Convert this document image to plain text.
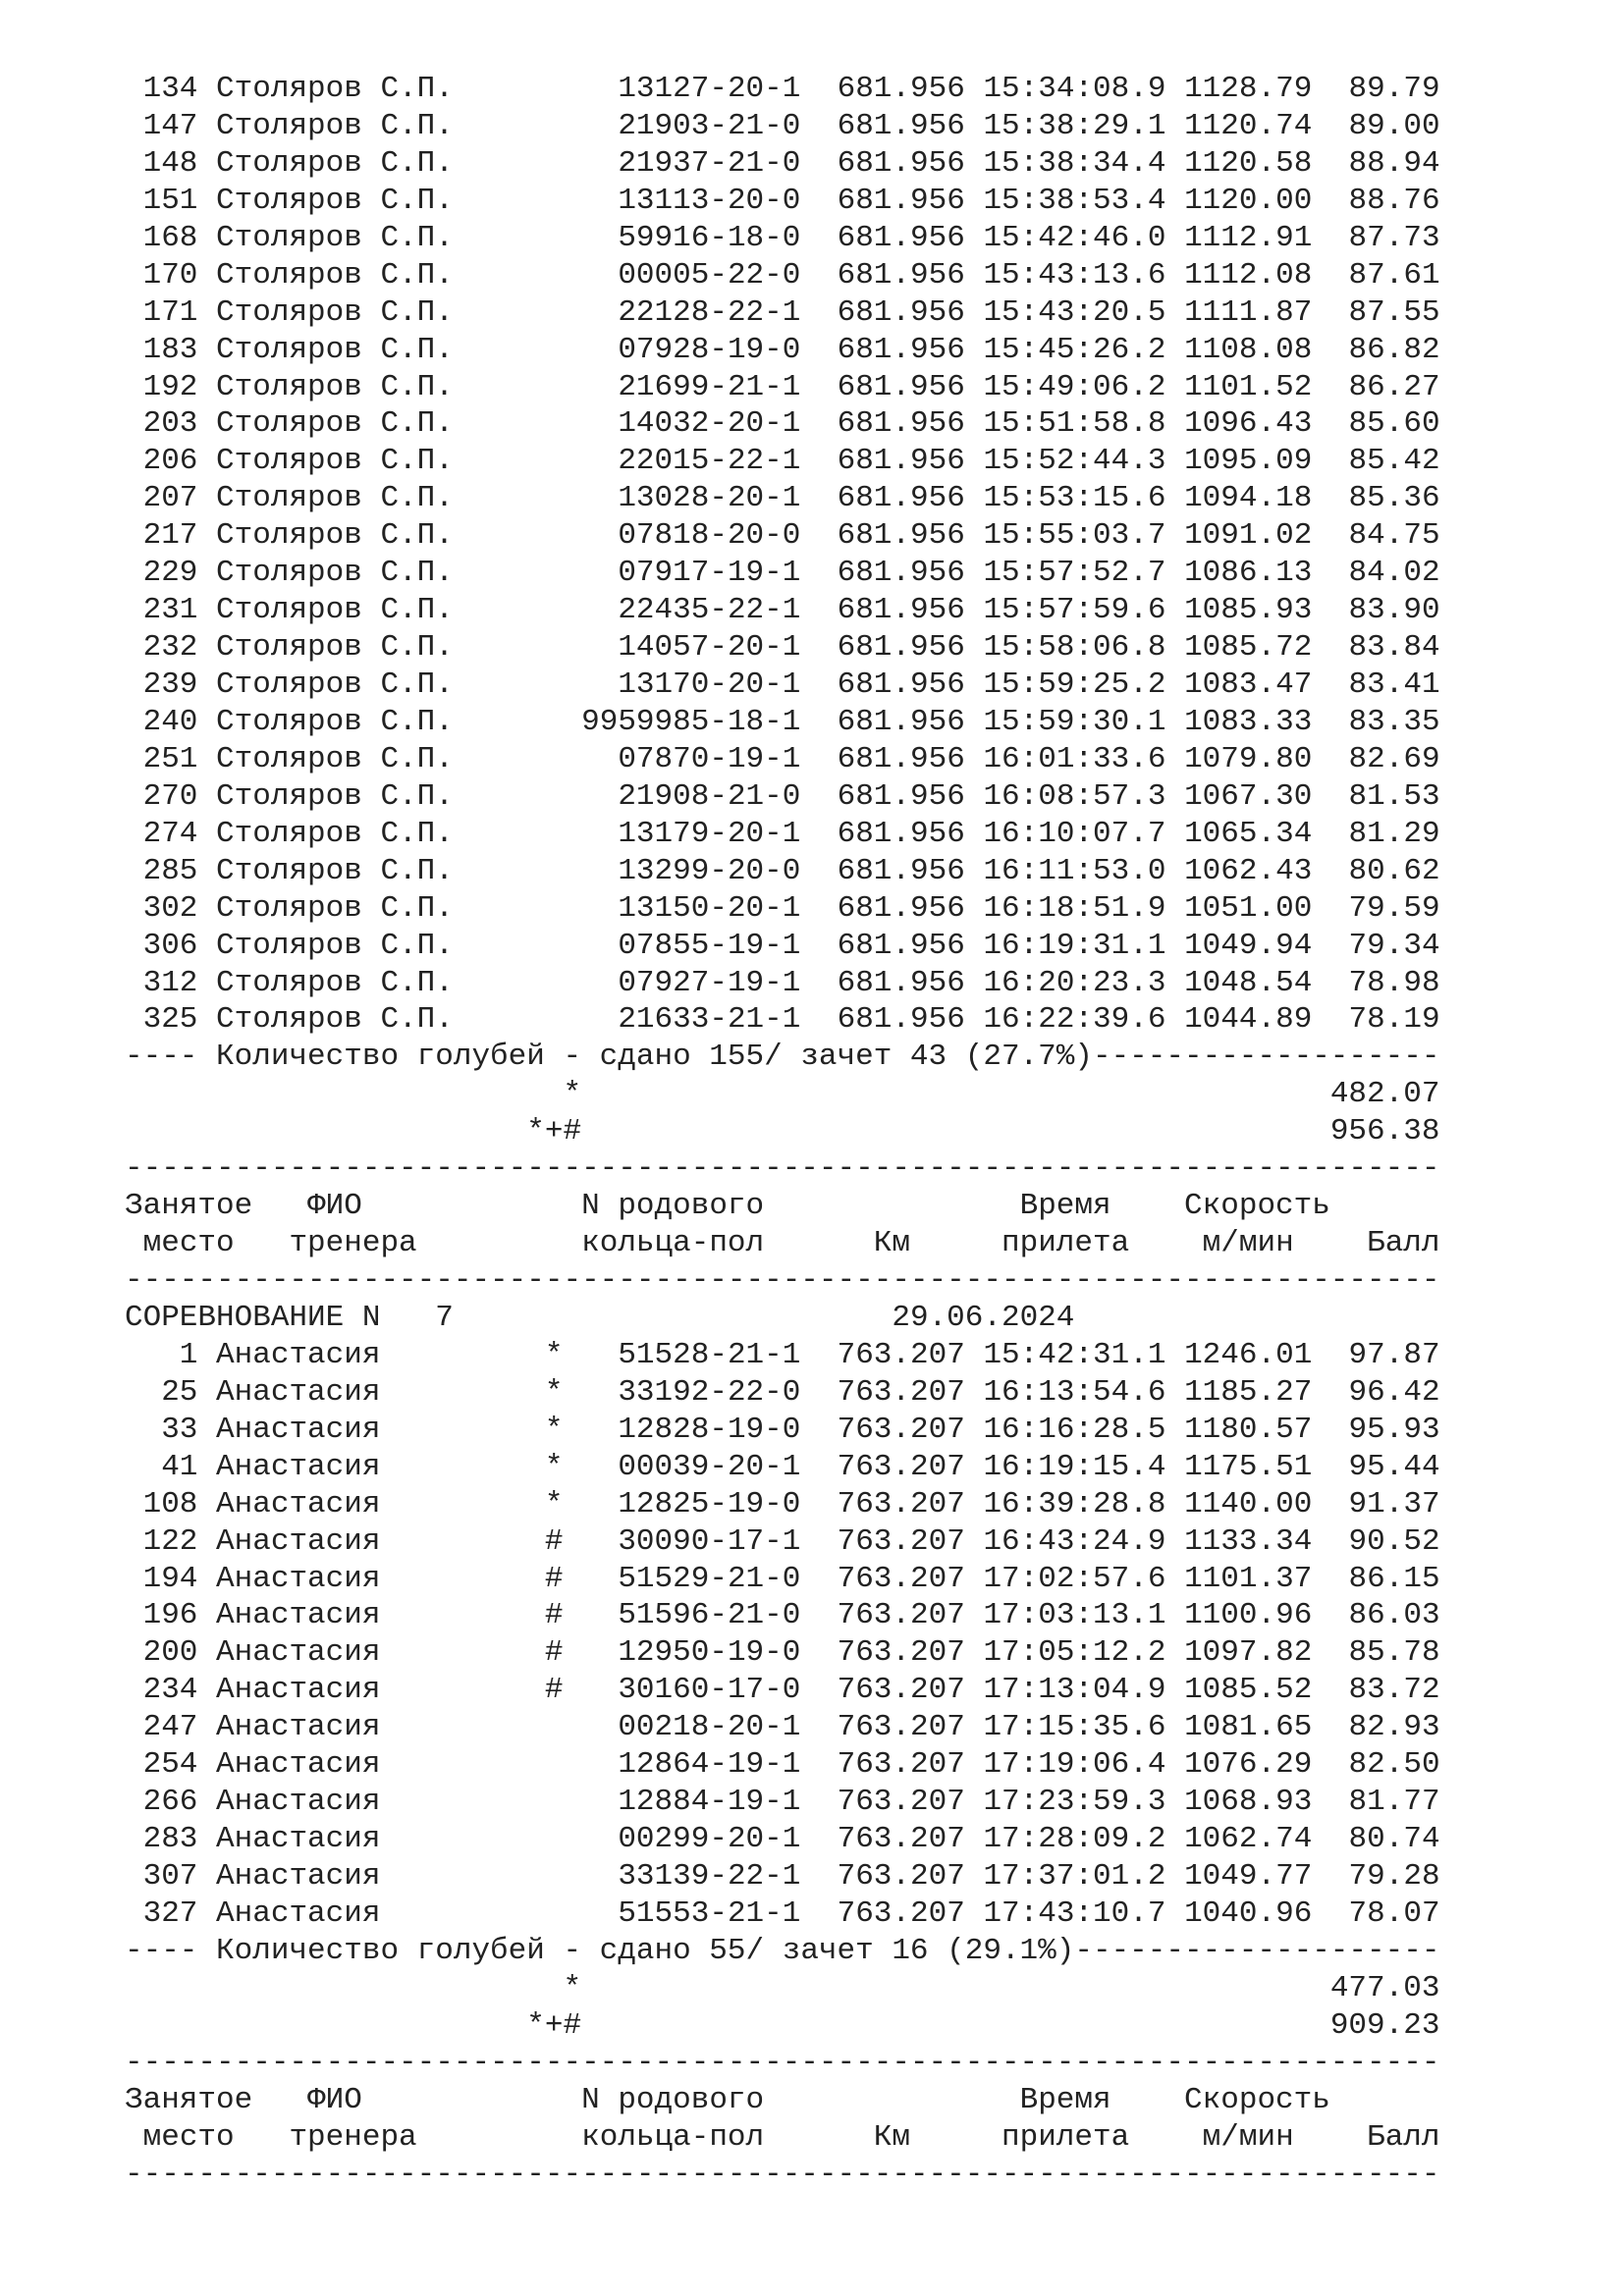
134 Столяров С.П.         13127-20-1 681.956 15:34:08.9 1128.79 89.79
147 Столяров С.П.         21903-21-0 681.956 15:38:29.1 1120.74 89.00
148 Столяров С.П.         21937-21-0 681.956 15:38:34.4 1120.58 88.94
151 Столяров С.П.         13113-20-0 681.956 15:38:53.4 1120.00 88.76
168 Столяров С.П.         59916-18-0 681.956 15:42:46.0 1112.91 87.73
170 Столяров С.П.         00005-22-0 681.956 15:43:13.6 1112.08 87.61
171 Столяров С.П.         22128-22-1 681.956 15:43:20.5 1111.87 87.55
183 Столяров С.П.         07928-19-0 681.956 15:45:26.2 1108.08 86.82
192 Столяров С.П.         21699-21-1 681.956 15:49:06.2 1101.52 86.27
203 Столяров С.П.         14032-20-1 681.956 15:51:58.8 1096.43 85.60
206 Столяров С.П.         22015-22-1 681.956 15:52:44.3 1095.09 85.42
207 Столяров С.П.         13028-20-1 681.956 15:53:15.6 1094.18 85.36
217 Столяров С.П.         07818-20-0 681.956 15:55:03.7 1091.02 84.75
229 Столяров С.П.         07917-19-1 681.956 15:57:52.7 1086.13 84.02
231 Столяров С.П.         22435-22-1 681.956 15:57:59.6 1085.93 83.90
232 Столяров С.П.         14057-20-1 681.956 15:58:06.8 1085.72 83.84
239 Столяров С.П.         13170-20-1 681.956 15:59:25.2 1083.47 83.41
240 Столяров С.П.       9959985-18-1 681.956 15:59:30.1 1083.33 83.35
251 Столяров С.П.         07870-19-1 681.956 16:01:33.6 1079.80 82.69
270 Столяров С.П.         21908-21-0 681.956 16:08:57.3 1067.30 81.53
274 Столяров С.П.         13179-20-1 681.956 16:10:07.7 1065.34 81.29
285 Столяров С.П.         13299-20-0 681.956 16:11:53.0 1062.43 80.62
302 Столяров С.П.         13150-20-1 681.956 16:18:51.9 1051.00 79.59
306 Столяров С.П.         07855-19-1 681.956 16:19:31.1 1049.94 79.34
312 Столяров С.П.         07927-19-1 681.956 16:20:23.3 1048.54 78.98
325 Столяров С.П.         21633-21-1 681.956 16:22:39.6 1044.89 78.19
---- Количество голубей - сдано 155/ зачет 43 (27.7%)-------------------
*	482.07
*+#	956.38
------------------------------------------------------------------------
Занятое ФИО	N родового	Время Скорость
место тренера	кольца-пол	Км	прилета м/мин Балл
------------------------------------------------------------------------
СОРЕВНОВАНИЕ N 7	29.06.2024
1 Анастасия         *   51528-21-1 763.207 15:42:31.1 1246.01 97.87
25 Анастасия         *   33192-22-0 763.207 16:13:54.6 1185.27 96.42
33 Анастасия         *   12828-19-0 763.207 16:16:28.5 1180.57 95.93
41 Анастасия         *   00039-20-1 763.207 16:19:15.4 1175.51 95.44
108 Анастасия         *   12825-19-0 763.207 16:39:28.8 1140.00 91.37
122 Анастасия         #   30090-17-1 763.207 16:43:24.9 1133.34 90.52
194 Анастасия         #   51529-21-0 763.207 17:02:57.6 1101.37 86.15
196 Анастасия         #   51596-21-0 763.207 17:03:13.1 1100.96 86.03
200 Анастасия         #   12950-19-0 763.207 17:05:12.2 1097.82 85.78
234 Анастасия         #   30160-17-0 763.207 17:13:04.9 1085.52 83.72
247 Анастасия             00218-20-1 763.207 17:15:35.6 1081.65 82.93
254 Анастасия             12864-19-1 763.207 17:19:06.4 1076.29 82.50
266 Анастасия             12884-19-1 763.207 17:23:59.3 1068.93 81.77
283 Анастасия             00299-20-1 763.207 17:28:09.2 1062.74 80.74
307 Анастасия             33139-22-1 763.207 17:37:01.2 1049.77 79.28
327 Анастасия             51553-21-1 763.207 17:43:10.7 1040.96 78.07
---- Количество голубей - сдано 55/ зачет 16 (29.1%)--------------------
*	477.03
*+#	909.23
------------------------------------------------------------------------
Занятое ФИО	N родового	Время Скорость
место тренера	кольца-пол	Км	прилета м/мин Балл
------------------------------------------------------------------------
